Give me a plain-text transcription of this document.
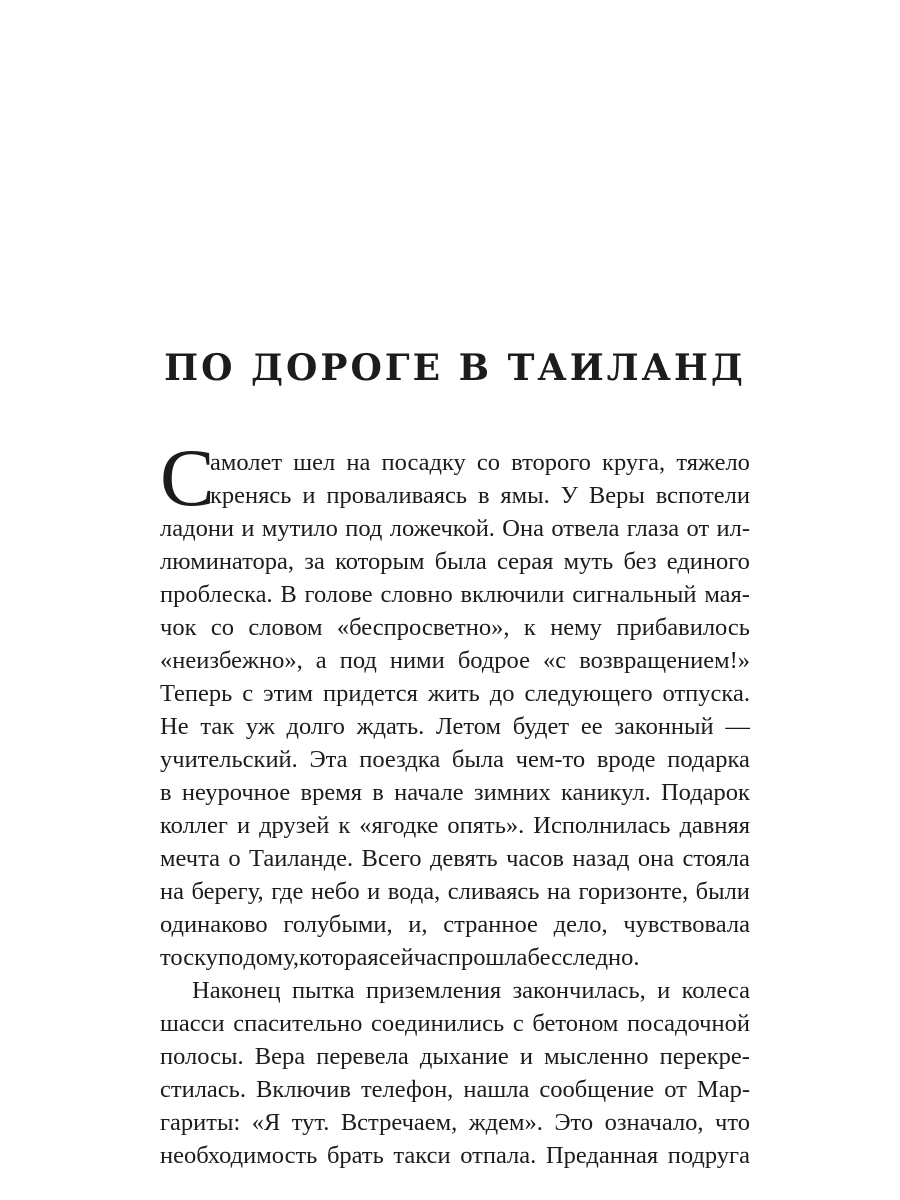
ПО ДОРОГЕ В ТАИЛАНД
С
амолет шел на посадку со второго круга, тяжело
кренясь и проваливаясь в ямы. У Веры вспотели
ладони и мутило под ложечкой. Она отвела глаза от ил-
люминатора, за которым была серая муть без единого
проблеска. В голове словно включили сигнальный мая-
чок со словом «беспросветно», к нему прибавилось
«неизбежно», а под ними бодрое «с возвращением!»
Теперь с этим придется жить до следующего отпуска.
Не так уж долго ждать. Летом будет ее законный —
учительский. Эта поездка была чем-то вроде подарка
в неурочное время в начале зимних каникул. Подарок
коллег и друзей к «ягодке опять». Исполнилась давняя
мечта о Таиланде. Всего девять часов назад она стояла
на берегу, где небо и вода, сливаясь на горизонте, были
одинаково голубыми, и, странное дело, чувствовала
тоску по дому, которая сейчас прошла бесследно.
Наконец пытка приземления закончилась, и колеса
шасси спасительно соединились с бетоном посадочной
полосы. Вера перевела дыхание и мысленно перекре-
стилась. Включив телефон, нашла сообщение от Мар-
гариты: «Я тут. Встречаем, ждем». Это означало, что
необходимость брать такси отпала. Преданная подруга
